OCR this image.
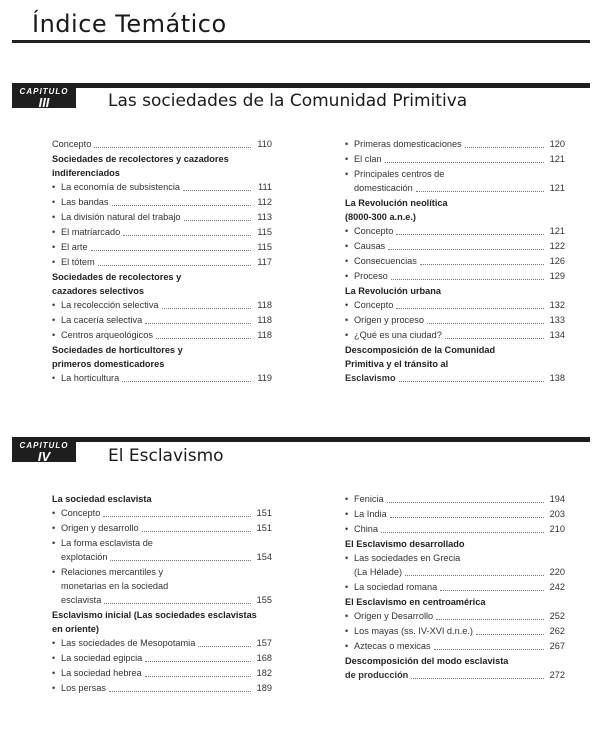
Índice Temático
CAPITULO
III	Las sociedades de la Comunidad Primitiva
Concepto	110
Sociedades de recolectores y cazadores
indiferenciados
• La economía de subsistencia	111
• Las bandas	112
• La división natural del trabajo	113
• El matriarcado	115
• El arte	115
• El tótem	117
Sociedades de recolectores y
cazadores selectivos
• La recolección selectiva	118
• La cacería selectiva	118
• Centros arqueológicos	118
Sociedades de horticultores y
primeros domesticadores
• La horticultura	119
• Primeras domesticaciones	120
• El clan	121
• Principales centros de
domesticación	121
La Revolución neolítica
(8000-300 a.n.e.)
• Concepto	121
• Causas	122
• Consecuencias	126
• Proceso	129
La Revolución urbana
• Concepto	132
• Origen y proceso	133
• ¿Qué es una ciudad?	134
Descomposición de la Comunidad
Primitiva y el tránsito al
Esclavismo	138
CAPITULO
IV	El Esclavismo
La sociedad esclavista
• Concepto	151
• Origen y desarrollo	151
• La forma esclavista de
explotación	154
• Relaciones mercantiles y
monetarias en la sociedad
esclavista	155
Esclavismo inicial (Las sociedades esclavistas
en oriente)
• Las sociedades de Mesopotamia	157
• La sociedad egipcia	168
• La sociedad hebrea	182
• Los persas	189
• Fenicia	194
• La India	203
• China	210
El Esclavismo desarrollado
• Las sociedades en Grecia
(La Hélade)	220
• La sociedad romana	242
El Esclavismo en centroamérica
• Origen y Desarrollo	252
• Los mayas (ss. IV-XVI d.n.e.)	262
• Aztecas o mexicas	267
Descomposición del modo esclavista
de producción	272
